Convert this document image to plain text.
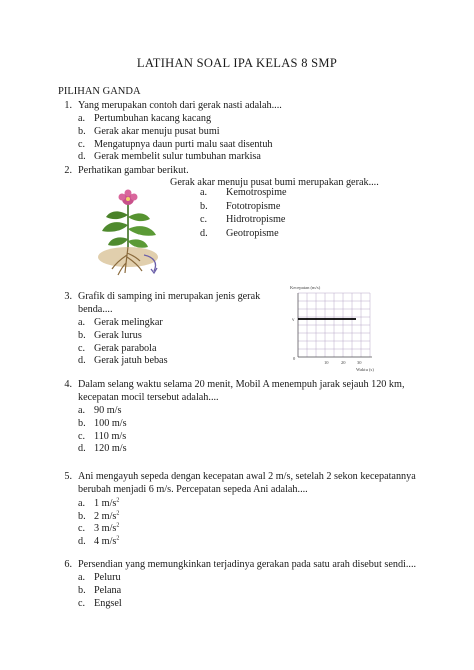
LATIHAN SOAL IPA KELAS 8 SMP
PILIHAN GANDA
1. Yang merupakan contoh dari gerak nasti adalah....
a. Pertumbuhan kacang kacang
b. Gerak akar menuju pusat bumi
c. Mengatupnya daun purti malu saat disentuh
d. Gerak membelit sulur tumbuhan markisa
2. Perhatikan gambar berikut.
Gerak akar menuju pusat bumi merupakan gerak....
a. Kemotrospime
b. Fototropisme
c. Hidrotropisme
d. Geotropisme
3. Grafik di samping ini merupakan jenis gerak
benda....
a. Gerak melingkar
b. Gerak lurus
c. Gerak parabola
d. Gerak jatuh bebas
Kecepatan (m/s)
v
0
10	20	30
Waktu (s)
4. Dalam selang waktu selama 20 menit, Mobil A menempuh jarak sejauh 120 km,
kecepatan mocil tersebut adalah....
a. 90 m/s
b. 100 m/s
c. 110 m/s
d. 120 m/s
5. Ani mengayuh sepeda dengan kecepatan awal 2 m/s, setelah 2 sekon kecepatannya
berubah menjadi 6 m/s. Percepatan sepeda Ani adalah....
a. 1 $m/s^2$
b. 2 $m/s^2$
c. 3 $m/s^2$
d. 4 $m/s^2$
6. Persendian yang memungkinkan terjadinya gerakan pada satu arah disebut sendi....
a. Peluru
b. Pelana
c. Engsel
